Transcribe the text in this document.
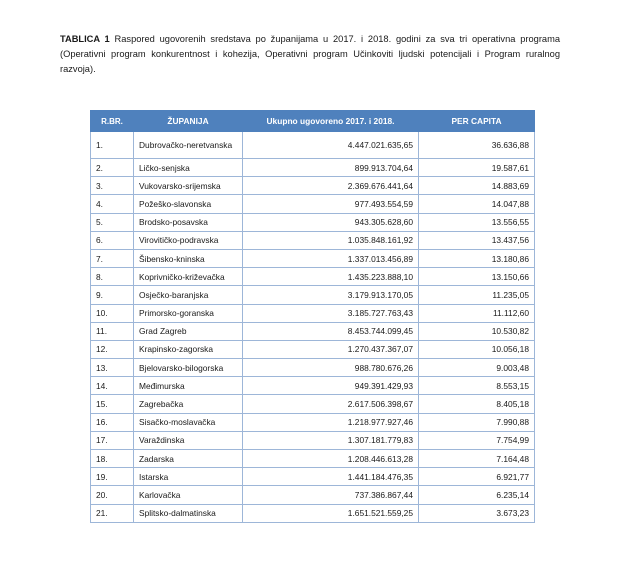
TABLICA 1 Raspored ugovorenih sredstava po županijama u 2017. i 2018. godini za sva tri operativna programa (Operativni program konkurentnost i kohezija, Operativni program Učinkoviti ljudski potencijali i Program ruralnog razvoja).
R.BR.	ŽUPANIJA	Ukupno ugovoreno 2017. i 2018.	PER CAPITA
1.	Dubrovačko-neretvanska	4.447.021.635,65	36.636,88
2.	Ličko-senjska	899.913.704,64	19.587,61
3.	Vukovarsko-srijemska	2.369.676.441,64	14.883,69
4.	Požeško-slavonska	977.493.554,59	14.047,88
5.	Brodsko-posavska	943.305.628,60	13.556,55
6.	Virovitičko-podravska	1.035.848.161,92	13.437,56
7.	Šibensko-kninska	1.337.013.456,89	13.180,86
8.	Koprivničko-križevačka	1.435.223.888,10	13.150,66
9.	Osječko-baranjska	3.179.913.170,05	11.235,05
10.	Primorsko-goranska	3.185.727.763,43	11.112,60
11.	Grad Zagreb	8.453.744.099,45	10.530,82
12.	Krapinsko-zagorska	1.270.437.367,07	10.056,18
13.	Bjelovarsko-bilogorska	988.780.676,26	9.003,48
14.	Međimurska	949.391.429,93	8.553,15
15.	Zagrebačka	2.617.506.398,67	8.405,18
16.	Sisačko-moslavačka	1.218.977.927,46	7.990,88
17.	Varaždinska	1.307.181.779,83	7.754,99
18.	Zadarska	1.208.446.613,28	7.164,48
19.	Istarska	1.441.184.476,35	6.921,77
20.	Karlovačka	737.386.867,44	6.235,14
21.	Splitsko-dalmatinska	1.651.521.559,25	3.673,23
